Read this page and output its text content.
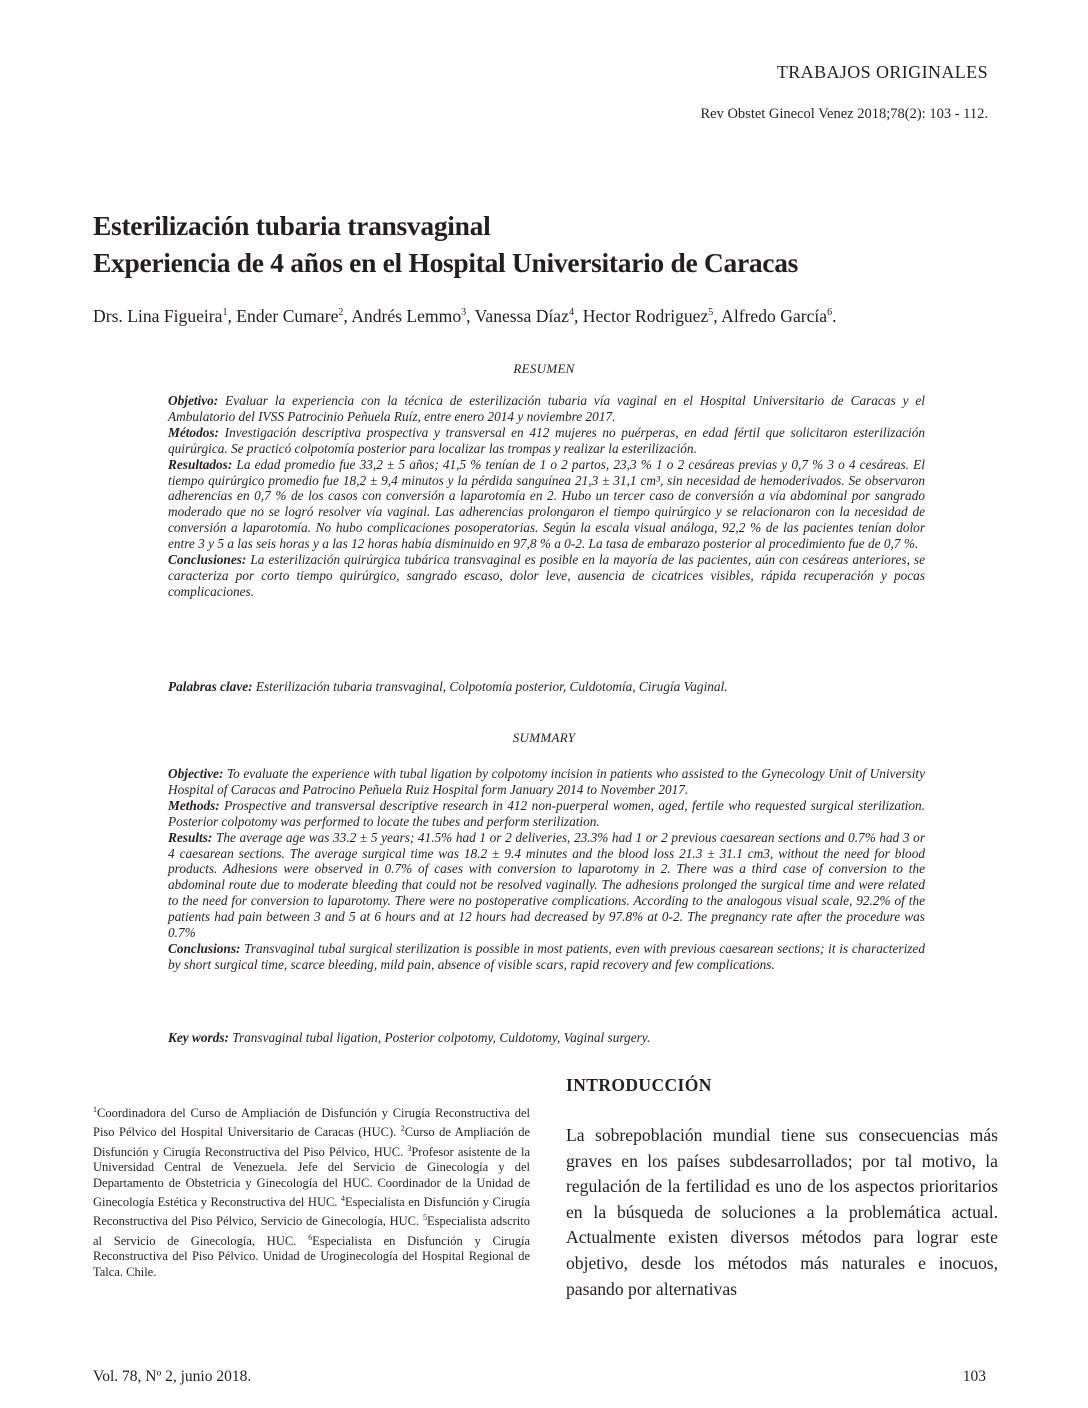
TRABAJOS ORIGINALES
Rev Obstet Ginecol Venez 2018;78(2): 103 - 112.
Esterilización tubaria transvaginal
Experiencia de 4 años en el Hospital Universitario de Caracas
Drs. Lina Figueira$^1$, Ender Cumare$^2$, Andrés Lemmo$^3$, Vanessa Díaz$^4$, Hector Rodriguez$^5$, Alfredo García$^6$.
RESUMEN

Objetivo: Evaluar la experiencia con la técnica de esterilización tubaria vía vaginal en el Hospital Universitario de Caracas y el Ambulatorio del IVSS Patrocinio Peñuela Ruíz, entre enero 2014 y noviembre 2017.

Métodos: Investigación descriptiva prospectiva y transversal en 412 mujeres no puérperas, en edad fértil que solicitaron esterilización quirúrgica. Se practicó colpotomía posterior para localizar las trompas y realizar la esterilización.

Resultados: La edad promedio fue 33,2 ± 5 años; 41,5 % tenían de 1 o 2 partos, 23,3 % 1 o 2 cesáreas previas y 0,7 % 3 o 4 cesáreas. El tiempo quirúrgico promedio fue 18,2 ± 9,4 minutos y la pérdida sanguínea 21,3 ± 31,1 cm³, sin necesidad de hemoderivados. Se observaron adherencias en 0,7 % de los casos con conversión a laparotomía en 2. Hubo un tercer caso de conversión a vía abdominal por sangrado moderado que no se logró resolver vía vaginal. Las adherencias prolongaron el tiempo quirúrgico y se relacionaron con la necesidad de conversión a laparotomía. No hubo complicaciones posoperatorias. Según la escala visual análoga, 92,2 % de las pacientes tenían dolor entre 3 y 5 a las seis horas y a las 12 horas había disminuido en 97,8 % a 0-2. La tasa de embarazo posterior al procedimiento fue de 0,7 %.

Conclusiones: La esterilización quirúrgica tubárica transvaginal es posible en la mayoría de las pacientes, aún con cesáreas anteriores, se caracteriza por corto tiempo quirúrgico, sangrado escaso, dolor leve, ausencia de cicatrices visibles, rápida recuperación y pocas complicaciones.

Palabras clave: Esterilización tubaria transvaginal, Colpotomía posterior, Culdotomía, Cirugía Vaginal.
SUMMARY

Objective: To evaluate the experience with tubal ligation by colpotomy incision in patients who assisted to the Gynecology Unit of University Hospital of Caracas and Patrocino Peñuela Ruiz Hospital form January 2014 to November 2017.

Methods: Prospective and transversal descriptive research in 412 non-puerperal women, aged, fertile who requested surgical sterilization. Posterior colpotomy was performed to locate the tubes and perform sterilization.

Results: The average age was 33.2 ± 5 years; 41.5% had 1 or 2 deliveries, 23.3% had 1 or 2 previous caesarean sections and 0.7% had 3 or 4 caesarean sections. The average surgical time was 18.2 ± 9.4 minutes and the blood loss 21.3 ± 31.1 cm3, without the need for blood products. Adhesions were observed in 0.7% of cases with conversion to laparotomy in 2. There was a third case of conversion to the abdominal route due to moderate bleeding that could not be resolved vaginally. The adhesions prolonged the surgical time and were related to the need for conversion to laparotomy. There were no postoperative complications. According to the analogous visual scale, 92.2% of the patients had pain between 3 and 5 at 6 hours and at 12 hours had decreased by 97.8% at 0-2. The pregnancy rate after the procedure was 0.7%

Conclusions: Transvaginal tubal surgical sterilization is possible in most patients, even with previous caesarean sections; it is characterized by short surgical time, scarce bleeding, mild pain, absence of visible scars, rapid recovery and few complications.

Key words: Transvaginal tubal ligation, Posterior colpotomy, Culdotomy, Vaginal surgery.
$^1$Coordinadora del Curso de Ampliación de Disfunción y Cirugía Reconstructiva del Piso Pélvico del Hospital Universitario de Caracas (HUC). $^2$Curso de Ampliación de Disfunción y Cirugía Reconstructiva del Piso Pélvico, HUC. $^3$Profesor asistente de la Universidad Central de Venezuela. Jefe del Servicio de Ginecología y del Departamento de Obstetricia y Ginecología del HUC. Coordinador de la Unidad de Ginecología Estética y Reconstructiva del HUC. $^4$Especialista en Disfunción y Cirugía Reconstructiva del Piso Pélvico, Servicio de Ginecología, HUC. $^5$Especialista adscrito al Servicio de Ginecología, HUC. $^6$Especialista en Disfunción y Cirugía Reconstructiva del Piso Pélvico. Unidad de Uroginecología del Hospital Regional de Talca. Chile.
INTRODUCCIÓN
La sobrepoblación mundial tiene sus consecuencias más graves en los países subdesarrollados; por tal motivo, la regulación de la fertilidad es uno de los aspectos prioritarios en la búsqueda de soluciones a la problemática actual. Actualmente existen diversos métodos para lograr este objetivo, desde los métodos más naturales e inocuos, pasando por alternativas
Vol. 78, Nº 2, junio 2018.	103
